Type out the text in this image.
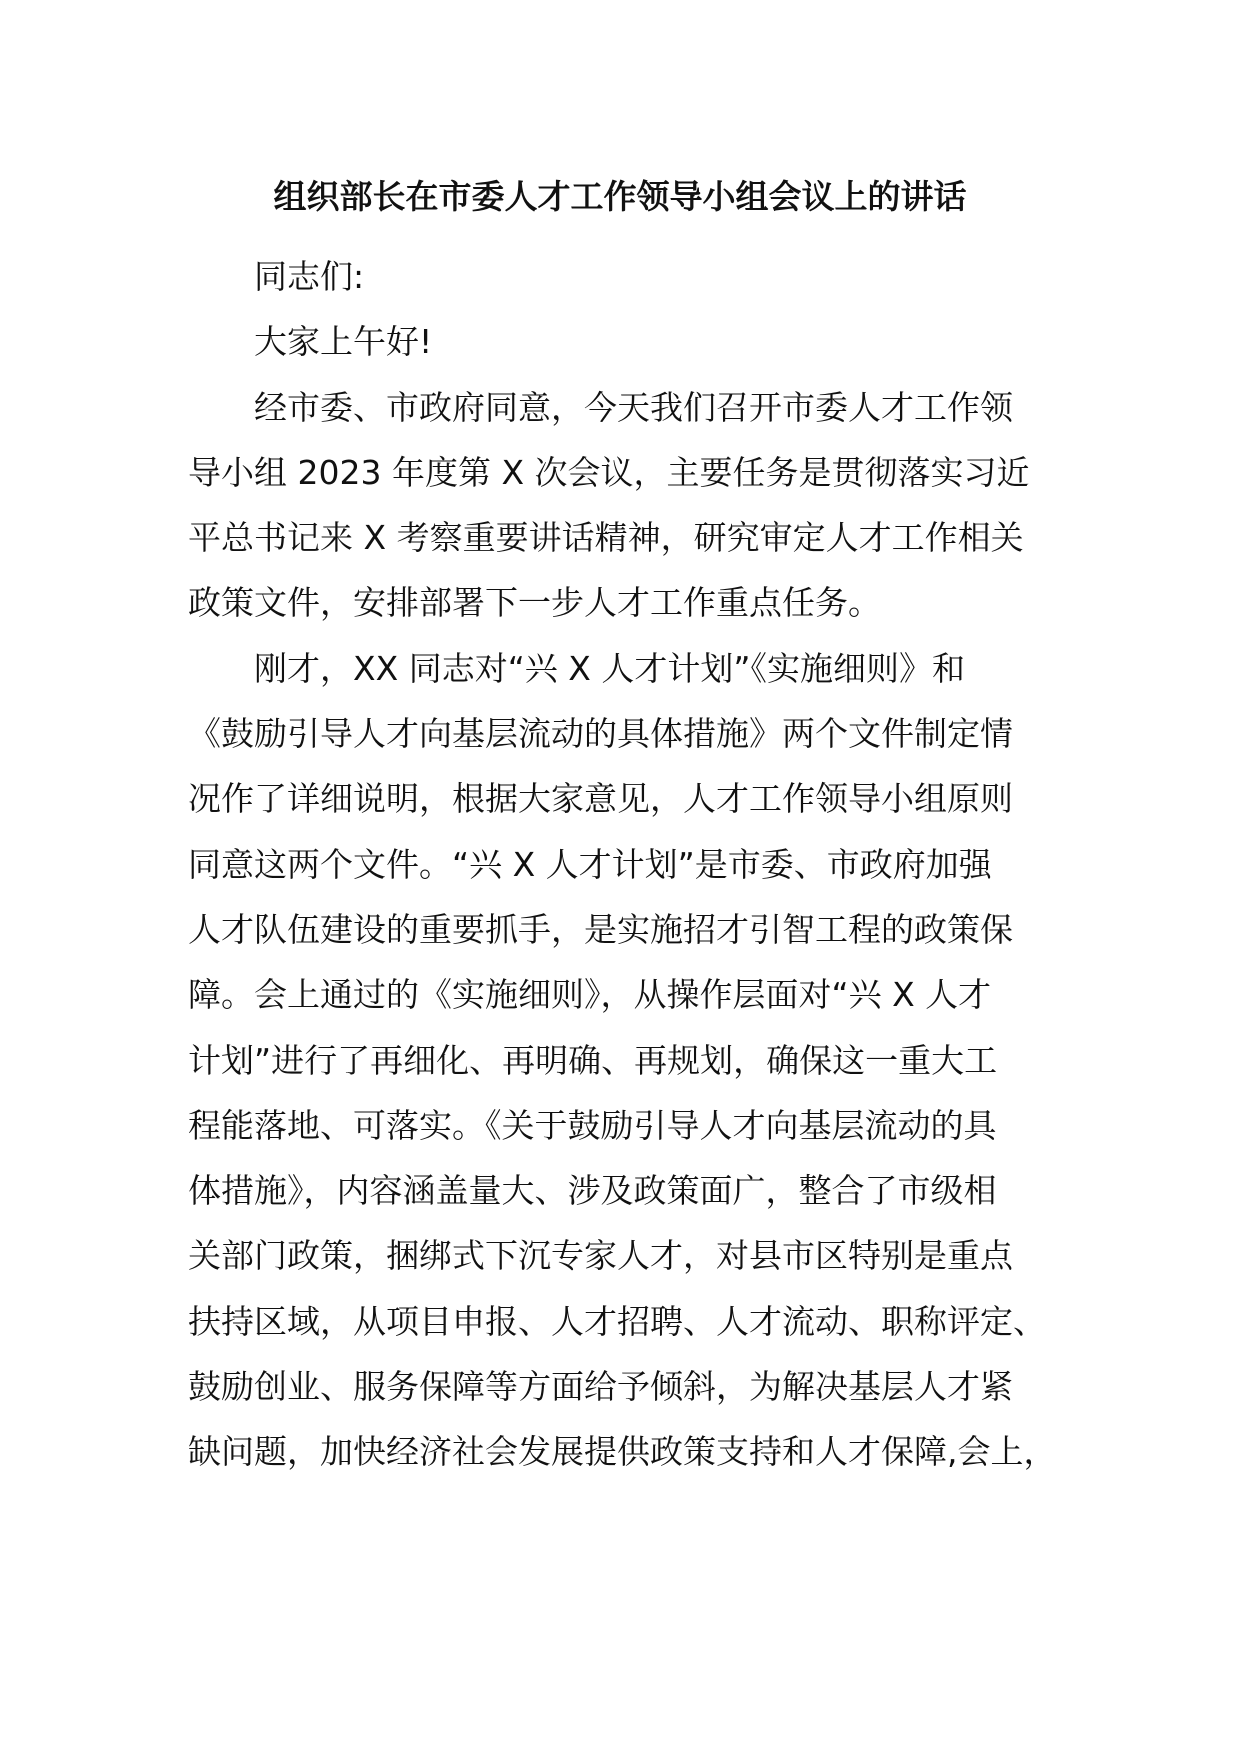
组织部长在市委人才工作领导小组会议上的讲话
同志们:
大家上午好!
经市委、市政府同意，今天我们召开市委人才工作领
导小组 2023 年度第 X 次会议，主要任务是贯彻落实习近
平总书记来 X 考察重要讲话精神，研究审定人才工作相关
政策文件，安排部署下一步人才工作重点任务。
刚才，XX 同志对“兴 X 人才计划”《实施细则》和
《鼓励引导人才向基层流动的具体措施》两个文件制定情
况作了详细说明，根据大家意见，人才工作领导小组原则
同意这两个文件。“兴 X 人才计划”是市委、市政府加强
人才队伍建设的重要抓手，是实施招才引智工程的政策保
障。会上通过的《实施细则》，从操作层面对“兴 X 人才
计划”进行了再细化、再明确、再规划，确保这一重大工
程能落地、可落实。《关于鼓励引导人才向基层流动的具
体措施》，内容涵盖量大、涉及政策面广，整合了市级相
关部门政策，捆绑式下沉专家人才，对县市区特别是重点
扶持区域，从项目申报、人才招聘、人才流动、职称评定、
鼓励创业、服务保障等方面给予倾斜，为解决基层人才紧
缺问题，加快经济社会发展提供政策支持和人才保障,会上，
